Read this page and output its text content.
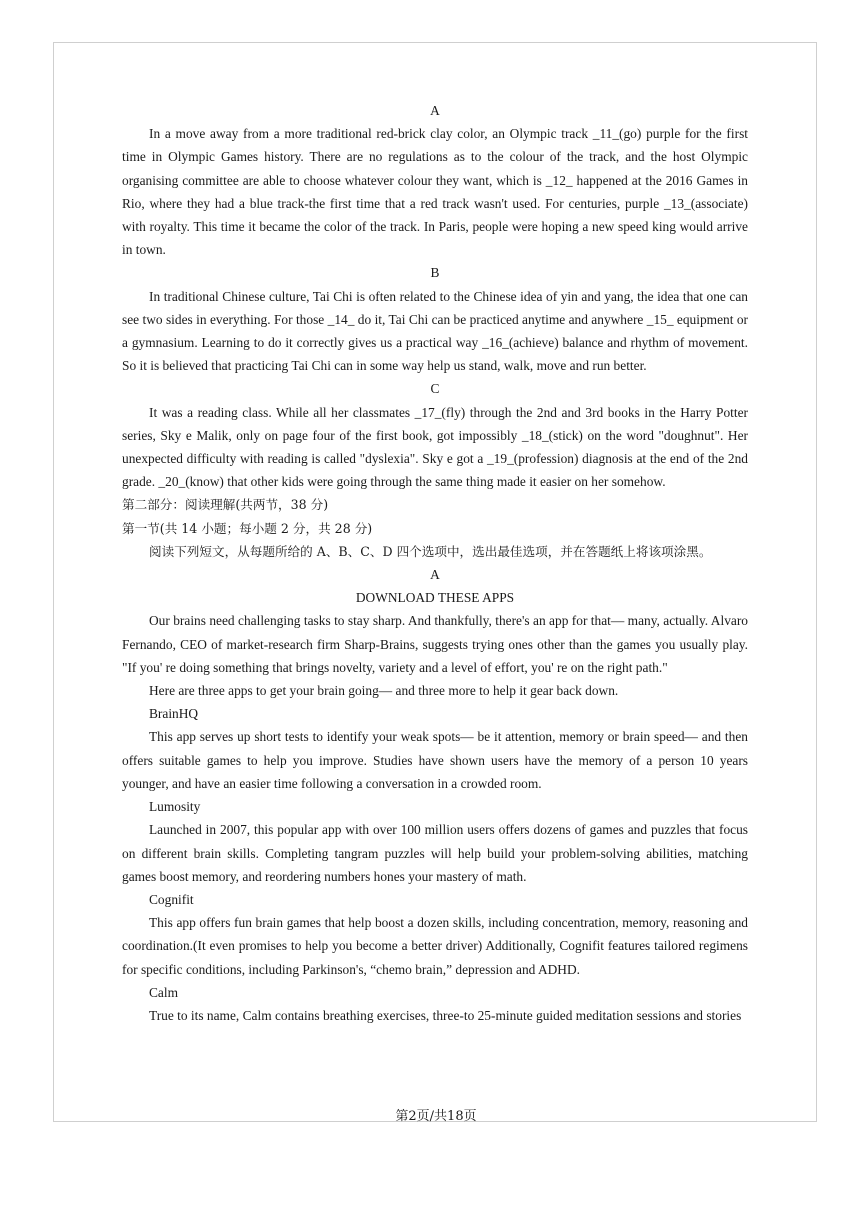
A

In a move away from a more traditional red-brick clay color, an Olympic track _11_(go) purple for the first time in Olympic Games history. There are no regulations as to the colour of the track, and the host Olympic organising committee are able to choose whatever colour they want, which is _12_ happened at the 2016 Games in Rio, where they had a blue track-the first time that a red track wasn't used. For centuries, purple _13_(associate) with royalty. This time it became the color of the track. In Paris, people were hoping a new speed king would arrive in town.

B

In traditional Chinese culture, Tai Chi is often related to the Chinese idea of yin and yang, the idea that one can see two sides in everything. For those _14_ do it, Tai Chi can be practiced anytime and anywhere _15_ equipment or a gymnasium. Learning to do it correctly gives us a practical way _16_(achieve) balance and rhythm of movement. So it is believed that practicing Tai Chi can in some way help us stand, walk, move and run better.

C

It was a reading class. While all her classmates _17_(fly) through the 2nd and 3rd books in the Harry Potter series, Sky e Malik, only on page four of the first book, got impossibly _18_(stick) on the word "doughnut". Her unexpected difficulty with reading is called "dyslexia". Sky e got a _19_(profession) diagnosis at the end of the 2nd grade. _20_(know) that other kids were going through the same thing made it easier on her somehow.

第二部分：阅读理解(共两节，38 分)

第一节(共 14 小题；每小题 2 分，共 28 分)

阅读下列短文，从每题所给的 A、B、C、D 四个选项中，选出最佳选项，并在答题纸上将该项涂黑。

A

DOWNLOAD THESE APPS

Our brains need challenging tasks to stay sharp. And thankfully, there's an app for that— many, actually. Alvaro Fernando, CEO of market-research firm Sharp-Brains, suggests trying ones other than the games you usually play. "If you' re doing something that brings novelty, variety and a level of effort, you' re on the right path."

Here are three apps to get your brain going— and three more to help it gear back down.

BrainHQ

This app serves up short tests to identify your weak spots— be it attention, memory or brain speed— and then offers suitable games to help you improve. Studies have shown users have the memory of a person 10 years younger, and have an easier time following a conversation in a crowded room.

Lumosity

Launched in 2007, this popular app with over 100 million users offers dozens of games and puzzles that focus on different brain skills. Completing tangram puzzles will help build your problem-solving abilities, matching games boost memory, and reordering numbers hones your mastery of math.

Cognifit

This app offers fun brain games that help boost a dozen skills, including concentration, memory, reasoning and coordination.(It even promises to help you become a better driver) Additionally, Cognifit features tailored regimens for specific conditions, including Parkinson's, “chemo brain,” depression and ADHD.

Calm

True to its name, Calm contains breathing exercises, three-to 25-minute guided meditation sessions and stories

第2页/共18页
